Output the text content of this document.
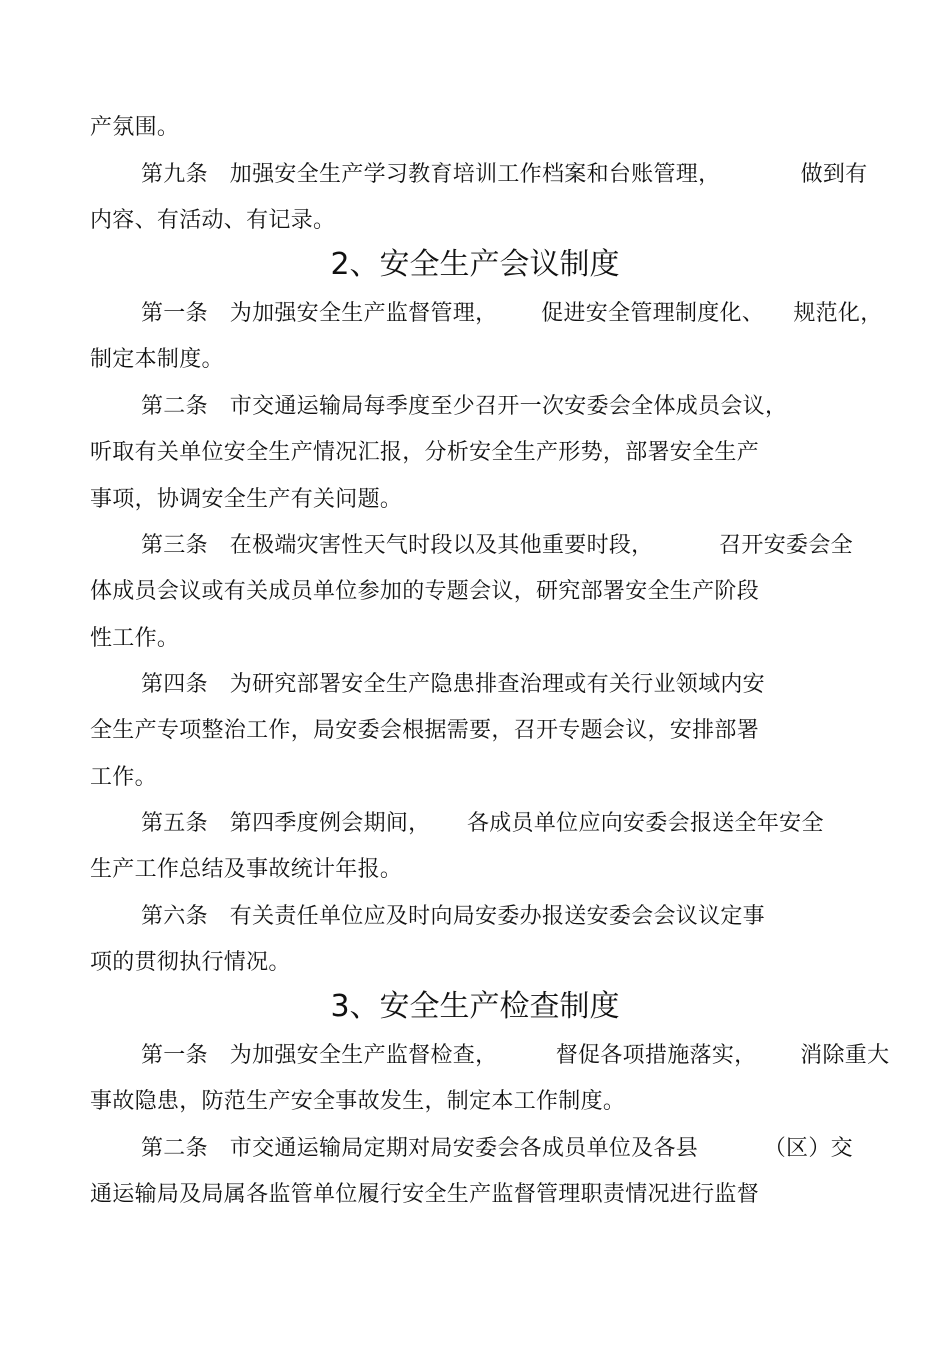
产氛围。
第九条   加强安全生产学习教育培训工作档案和台账管理，           做到有
内容、有活动、有记录。
2、安全生产会议制度
第一条   为加强安全生产监督管理，      促进安全管理制度化、    规范化，
制定本制度。
第二条   市交通运输局每季度至少召开一次安委会全体成员会议，
听取有关单位安全生产情况汇报，分析安全生产形势，部署安全生产
事项，协调安全生产有关问题。
第三条   在极端灾害性天气时段以及其他重要时段，         召开安委会全
体成员会议或有关成员单位参加的专题会议，研究部署安全生产阶段
性工作。
第四条   为研究部署安全生产隐患排查治理或有关行业领域内安
全生产专项整治工作，局安委会根据需要，召开专题会议，安排部署
工作。
第五条   第四季度例会期间，     各成员单位应向安委会报送全年安全
生产工作总结及事故统计年报。
第六条   有关责任单位应及时向局安委办报送安委会会议议定事
项的贯彻执行情况。
3、安全生产检查制度
第一条   为加强安全生产监督检查，        督促各项措施落实，      消除重大
事故隐患，防范生产安全事故发生，制定本工作制度。
第二条   市交通运输局定期对局安委会各成员单位及各县         （区）交
通运输局及局属各监管单位履行安全生产监督管理职责情况进行监督
